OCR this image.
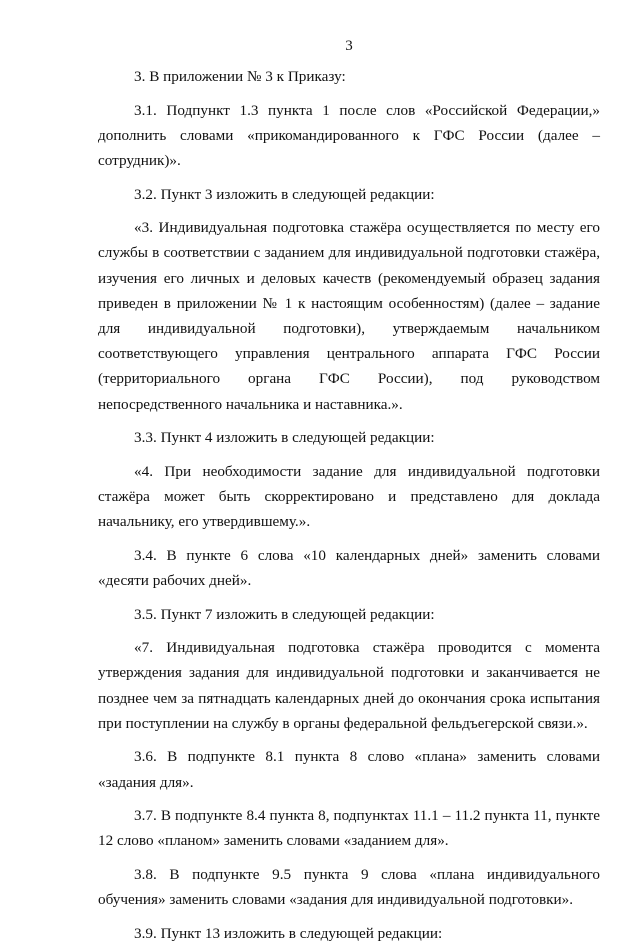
3

3. В приложении № 3 к Приказу:

3.1. Подпункт 1.3 пункта 1 после слов «Российской Федерации,» дополнить словами «прикомандированного к ГФС России (далее – сотрудник)».

3.2. Пункт 3 изложить в следующей редакции:

«3. Индивидуальная подготовка стажёра осуществляется по месту его службы в соответствии с заданием для индивидуальной подготовки стажёра, изучения его личных и деловых качеств (рекомендуемый образец задания приведен в приложении № 1 к настоящим особенностям) (далее – задание для индивидуальной подготовки), утверждаемым начальником соответствующего управления центрального аппарата ГФС России (территориального органа ГФС России), под руководством непосредственного начальника и наставника.».

3.3. Пункт 4 изложить в следующей редакции:

«4. При необходимости задание для индивидуальной подготовки стажёра может быть скорректировано и представлено для доклада начальнику, его утвердившему.».

3.4. В пункте 6 слова «10 календарных дней» заменить словами «десяти рабочих дней».

3.5. Пункт 7 изложить в следующей редакции:

«7. Индивидуальная подготовка стажёра проводится с момента утверждения задания для индивидуальной подготовки и заканчивается не позднее чем за пятнадцать календарных дней до окончания срока испытания при поступлении на службу в органы федеральной фельдъегерской связи.».

3.6. В подпункте 8.1 пункта 8 слово «плана» заменить словами «задания для».

3.7. В подпункте 8.4 пункта 8, подпунктах 11.1 – 11.2 пункта 11, пункте 12 слово «планом» заменить словами «заданием для».

3.8. В подпункте 9.5 пункта 9 слова «плана индивидуального обучения» заменить словами «задания для индивидуальной подготовки».

3.9. Пункт 13 изложить в следующей редакции:
